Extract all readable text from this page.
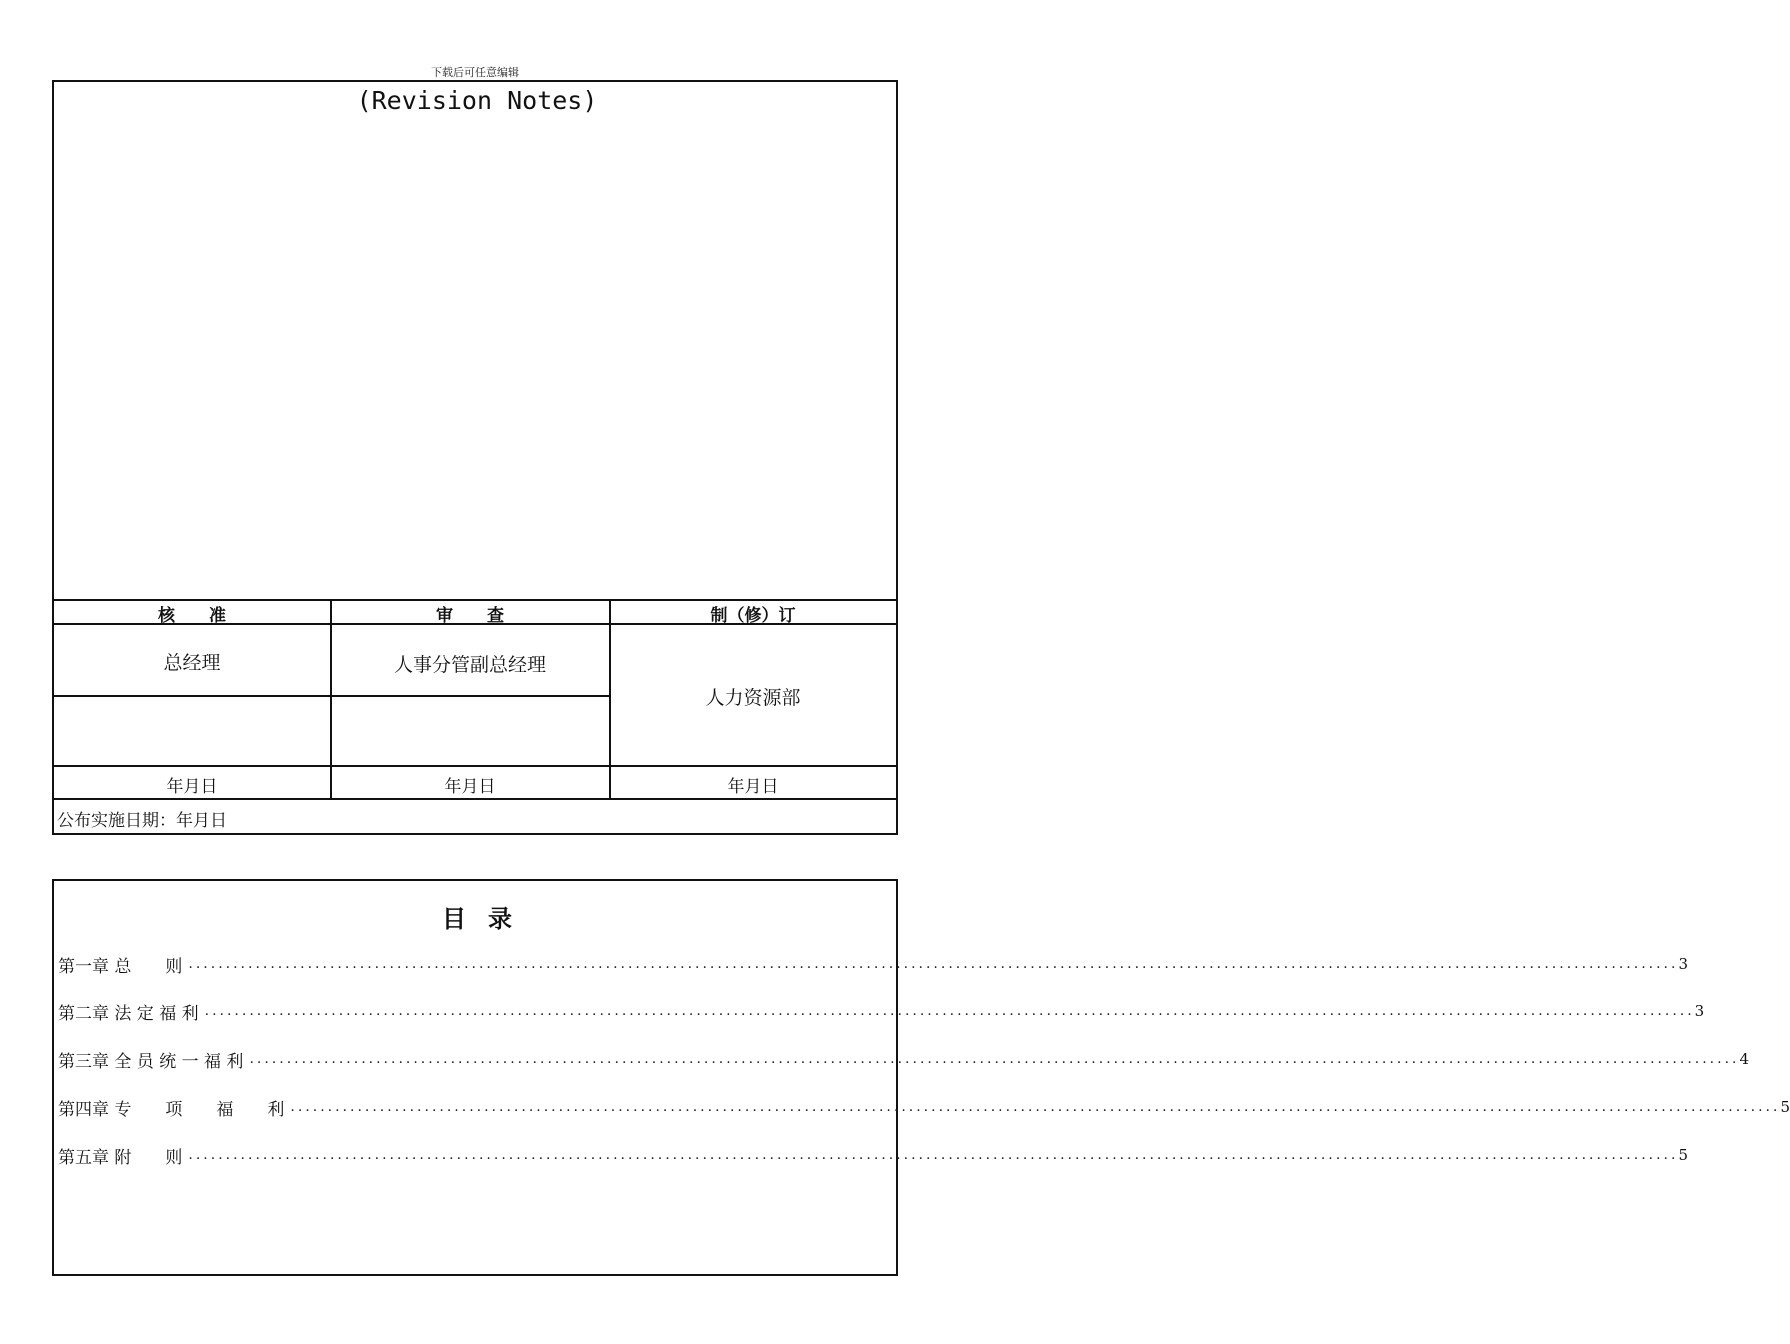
下载后可任意编辑
(Revision Notes)
核　　准	审　　查	制（修）订
总经理	人事分管副总经理
人力资源部
年月日	年月日	年月日
公布实施日期：年月日
目录
第一章 总　　则 ........................................................................................................................................................................................................ 3
第二章 法 定 福 利 ........................................................................................................................................................................................................ 3
第三章 全 员 统 一 福 利 ........................................................................................................................................................................................................ 4
第四章 专　　项　　福　　利 ........................................................................................................................................................................................................ 5
第五章 附　　则 ........................................................................................................................................................................................................ 5
